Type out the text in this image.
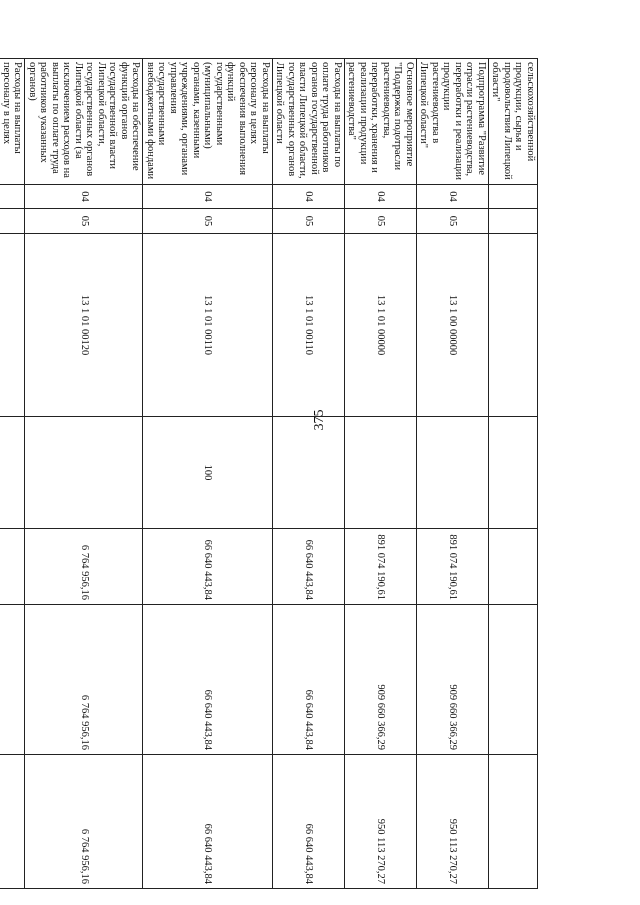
375
сельскохозяйственной продукции, сырья и продовольствия Липецкой области"							
Подпрограмма "Развитие отрасли растениеводства, переработки и реализации продукции растениеводства в Липецкой области"	04	05	13 1 00 00000		891 074 190,61	909 660 366,29	950 113 270,27
Основное мероприятие "Поддержка подотрасли растениеводства, переработки, хранения и реализации продукции растениеводства"	04	05	13 1 01 00000		891 074 190,61	909 660 366,29	950 113 270,27
Расходы на выплаты по оплате труда работников органов государственной власти Липецкой области, государственных органов Липецкой области	04	05	13 1 01 00110		66 640 443,84	66 640 443,84	66 640 443,84
Расходы на выплаты персоналу в целях обеспечения выполнения функций государственными (муниципальными) органами, казенными учреждениями, органами управления государственными внебюджетными фондами	04	05	13 1 01 00110	100	66 640 443,84	66 640 443,84	66 640 443,84
Расходы на обеспечение функций органов государственной власти Липецкой области, государственных органов Липецкой области (за исключением расходов на выплаты по оплате труда работников указанных органов)	04	05	13 1 01 00120		6 764 956,16	6 764 956,16	6 764 956,16
Расходы на выплаты персоналу в целях							
